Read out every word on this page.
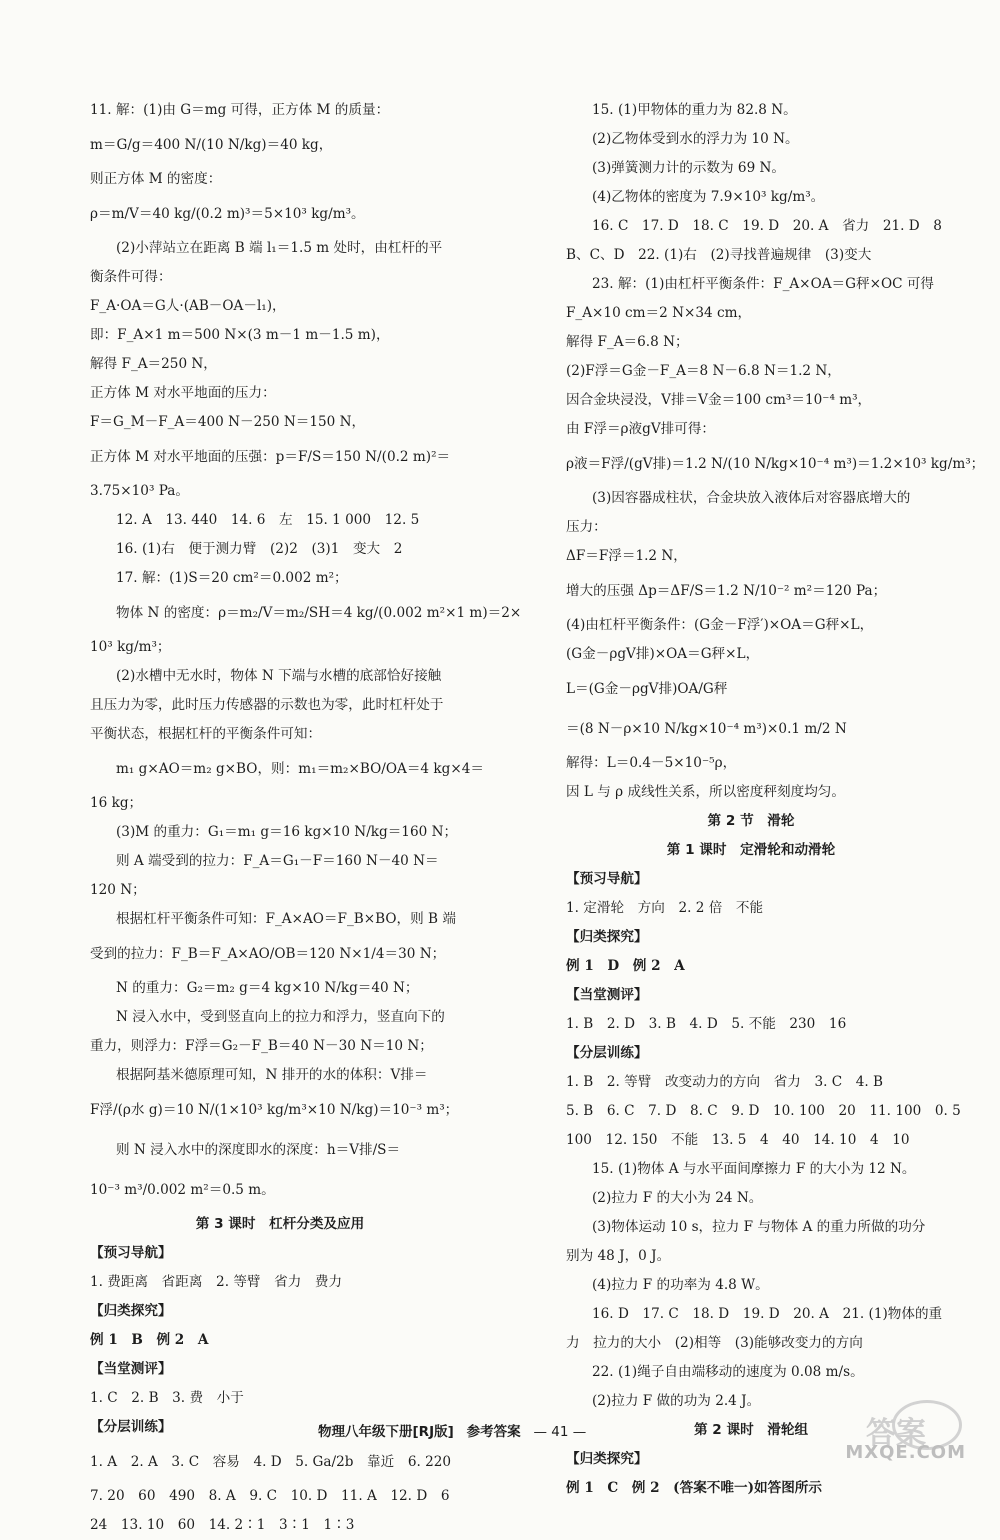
11. 解：(1)由 G＝mg 可得，正方体 M 的质量：
m＝G/g＝400 N/(10 N/kg)＝40 kg，
则正方体 M 的密度：
ρ＝m/V＝40 kg/(0.2 m)³＝5×10³ kg/m³。
(2)小萍站立在距离 B 端 l₁＝1.5 m 处时，由杠杆的平
衡条件可得：
F_A·OA＝G人·(AB－OA－l₁)，
即：F_A×1 m＝500 N×(3 m－1 m－1.5 m)，
解得 F_A＝250 N，
正方体 M 对水平地面的压力：
F＝G_M－F_A＝400 N－250 N＝150 N，
正方体 M 对水平地面的压强：p＝F/S＝150 N/(0.2 m)²＝
3.75×10³ Pa。
12. A　13. 440　14. 6　左　15. 1 000　12. 5
16. (1)右　便于测力臂　(2)2　(3)1　变大　2
17. 解：(1)S＝20 cm²＝0.002 m²；
物体 N 的密度：ρ＝m₂/V＝m₂/SH＝4 kg/(0.002 m²×1 m)＝2×
10³ kg/m³；
(2)水槽中无水时，物体 N 下端与水槽的底部恰好接触
且压力为零，此时压力传感器的示数也为零，此时杠杆处于
平衡状态，根据杠杆的平衡条件可知：
m₁ g×AO＝m₂ g×BO，则：m₁＝m₂×BO/OA＝4 kg×4＝
16 kg；
(3)M 的重力：G₁＝m₁ g＝16 kg×10 N/kg＝160 N；
则 A 端受到的拉力：F_A＝G₁－F＝160 N－40 N＝
120 N；
根据杠杆平衡条件可知：F_A×AO＝F_B×BO，则 B 端
受到的拉力：F_B＝F_A×AO/OB＝120 N×1/4＝30 N；
N 的重力：G₂＝m₂ g＝4 kg×10 N/kg＝40 N；
N 浸入水中，受到竖直向上的拉力和浮力，竖直向下的
重力，则浮力：F浮＝G₂－F_B＝40 N－30 N＝10 N；
根据阿基米德原理可知，N 排开的水的体积：V排＝
F浮/(ρ水 g)＝10 N/(1×10³ kg/m³×10 N/kg)＝10⁻³ m³；
则 N 浸入水中的深度即水的深度：h＝V排/S＝
10⁻³ m³/0.002 m²＝0.5 m。
第 3 课时　杠杆分类及应用
【预习导航】
1. 费距离　省距离　2. 等臂　省力　费力
【归类探究】
例 1　B　例 2　A
【当堂测评】
1. C　2. B　3. 费　小于
【分层训练】
1. A　2. A　3. C　容易　4. D　5. Ga/2b　靠近　6. 220
7. 20　60　490　8. A　9. C　10. D　11. A　12. D　6
24　13. 10　60　14. 2∶1　3∶1　1∶3
15. (1)甲物体的重力为 82.8 N。
(2)乙物体受到水的浮力为 10 N。
(3)弹簧测力计的示数为 69 N。
(4)乙物体的密度为 7.9×10³ kg/m³。
16. C　17. D　18. C　19. D　20. A　省力　21. D　8
B、C、D　22. (1)右　(2)寻找普遍规律　(3)变大
23. 解：(1)由杠杆平衡条件：F_A×OA＝G秤×OC 可得
F_A×10 cm＝2 N×34 cm，
解得 F_A＝6.8 N；
(2)F浮＝G金－F_A＝8 N－6.8 N＝1.2 N，
因合金块浸没，V排＝V金＝100 cm³＝10⁻⁴ m³，
由 F浮＝ρ液gV排可得：
ρ液＝F浮/(gV排)＝1.2 N/(10 N/kg×10⁻⁴ m³)＝1.2×10³ kg/m³；
(3)因容器成柱状，合金块放入液体后对容器底增大的
压力：
ΔF＝F浮＝1.2 N，
增大的压强 Δp＝ΔF/S＝1.2 N/10⁻² m²＝120 Pa；
(4)由杠杆平衡条件：(G金－F浮′)×OA＝G秤×L，
(G金－ρgV排)×OA＝G秤×L，
L＝(G金－ρgV排)OA/G秤
＝(8 N－ρ×10 N/kg×10⁻⁴ m³)×0.1 m/2 N
解得：L＝0.4－5×10⁻⁵ρ，
因 L 与 ρ 成线性关系，所以密度秤刻度均匀。
第 2 节　滑轮
第 1 课时　定滑轮和动滑轮
【预习导航】
1. 定滑轮　方向　2. 2 倍　不能
【归类探究】
例 1　D　例 2　A
【当堂测评】
1. B　2. D　3. B　4. D　5. 不能　230　16
【分层训练】
1. B　2. 等臂　改变动力的方向　省力　3. C　4. B
5. B　6. C　7. D　8. C　9. D　10. 100　20　11. 100　0. 5
100　12. 150　不能　13. 5　4　40　14. 10　4　10
15. (1)物体 A 与水平面间摩擦力 F 的大小为 12 N。
(2)拉力 F 的大小为 24 N。
(3)物体运动 10 s，拉力 F 与物体 A 的重力所做的功分
别为 48 J，0 J。
(4)拉力 F 的功率为 4.8 W。
16. D　17. C　18. D　19. D　20. A　21. (1)物体的重
力　拉力的大小　(2)相等　(3)能够改变力的方向
22. (1)绳子自由端移动的速度为 0.08 m/s。
(2)拉力 F 做的功为 2.4 J。
第 2 课时　滑轮组
【归类探究】
例 1　C　例 2　(答案不唯一)如答图所示
物理八年级下册[RJ版] 参考答案 — 41 —	答案
MXQE.COM
